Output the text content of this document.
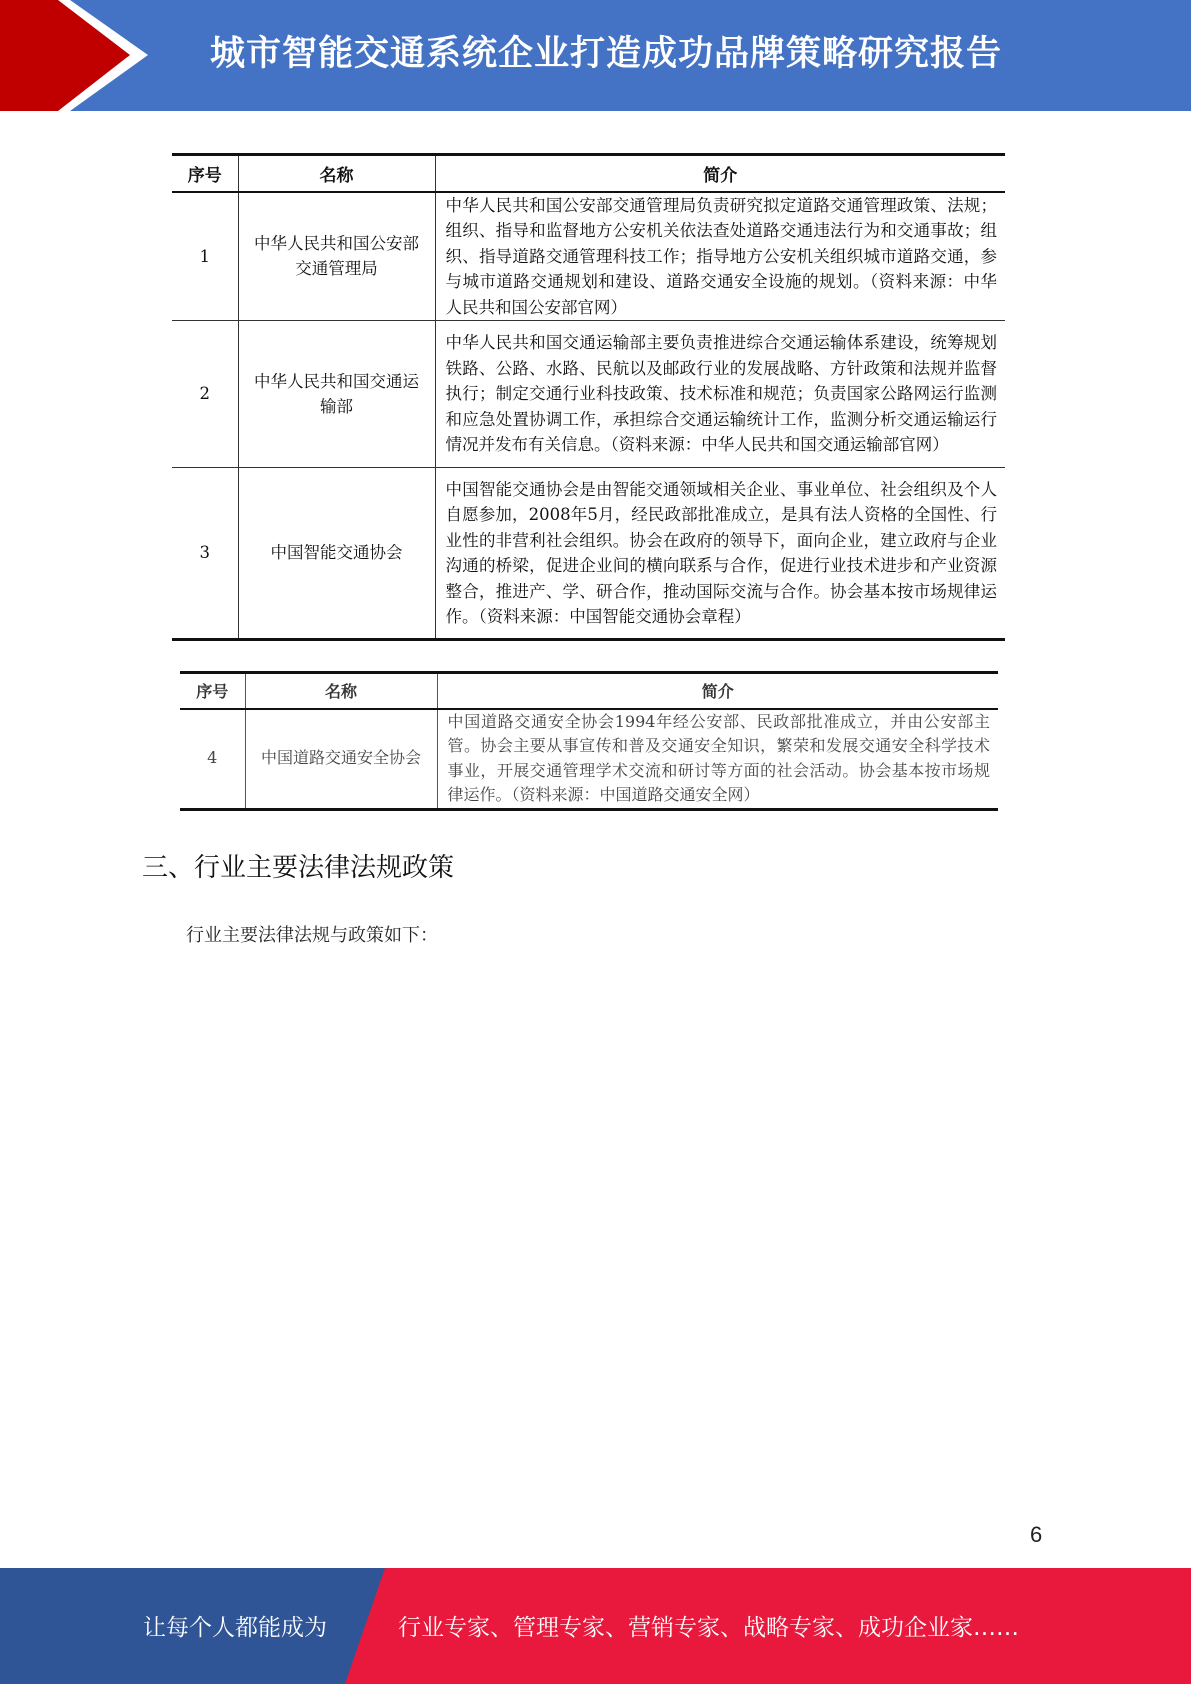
城市智能交通系统企业打造成功品牌策略研究报告
序号	名称	简介
1	中华人民共和国公安部交通管理局	中华人民共和国公安部交通管理局负责研究拟定道路交通管理政策、法规；组织、指导和监督地方公安机关依法查处道路交通违法行为和交通事故；组织、指导道路交通管理科技工作；指导地方公安机关组织城市道路交通，参与城市道路交通规划和建设、道路交通安全设施的规划。（资料来源：中华人民共和国公安部官网）
2	中华人民共和国交通运输部	中华人民共和国交通运输部主要负责推进综合交通运输体系建设，统筹规划铁路、公路、水路、民航以及邮政行业的发展战略、方针政策和法规并监督执行；制定交通行业科技政策、技术标准和规范；负责国家公路网运行监测和应急处置协调工作，承担综合交通运输统计工作，监测分析交通运输运行情况并发布有关信息。（资料来源：中华人民共和国交通运输部官网）
3	中国智能交通协会	中国智能交通协会是由智能交通领域相关企业、事业单位、社会组织及个人自愿参加，2008年5月，经民政部批准成立，是具有法人资格的全国性、行业性的非营利社会组织。协会在政府的领导下，面向企业，建立政府与企业沟通的桥梁，促进企业间的横向联系与合作，促进行业技术进步和产业资源整合，推进产、学、研合作，推动国际交流与合作。协会基本按市场规律运作。（资料来源：中国智能交通协会章程）
序号	名称	简介
4	中国道路交通安全协会	中国道路交通安全协会1994年经公安部、民政部批准成立，并由公安部主管。协会主要从事宣传和普及交通安全知识，繁荣和发展交通安全科学技术事业，开展交通管理学术交流和研讨等方面的社会活动。协会基本按市场规律运作。（资料来源：中国道路交通安全网）
三、行业主要法律法规政策
行业主要法律法规与政策如下：
6
让每个人都能成为	行业专家、管理专家、营销专家、战略专家、成功企业家……
